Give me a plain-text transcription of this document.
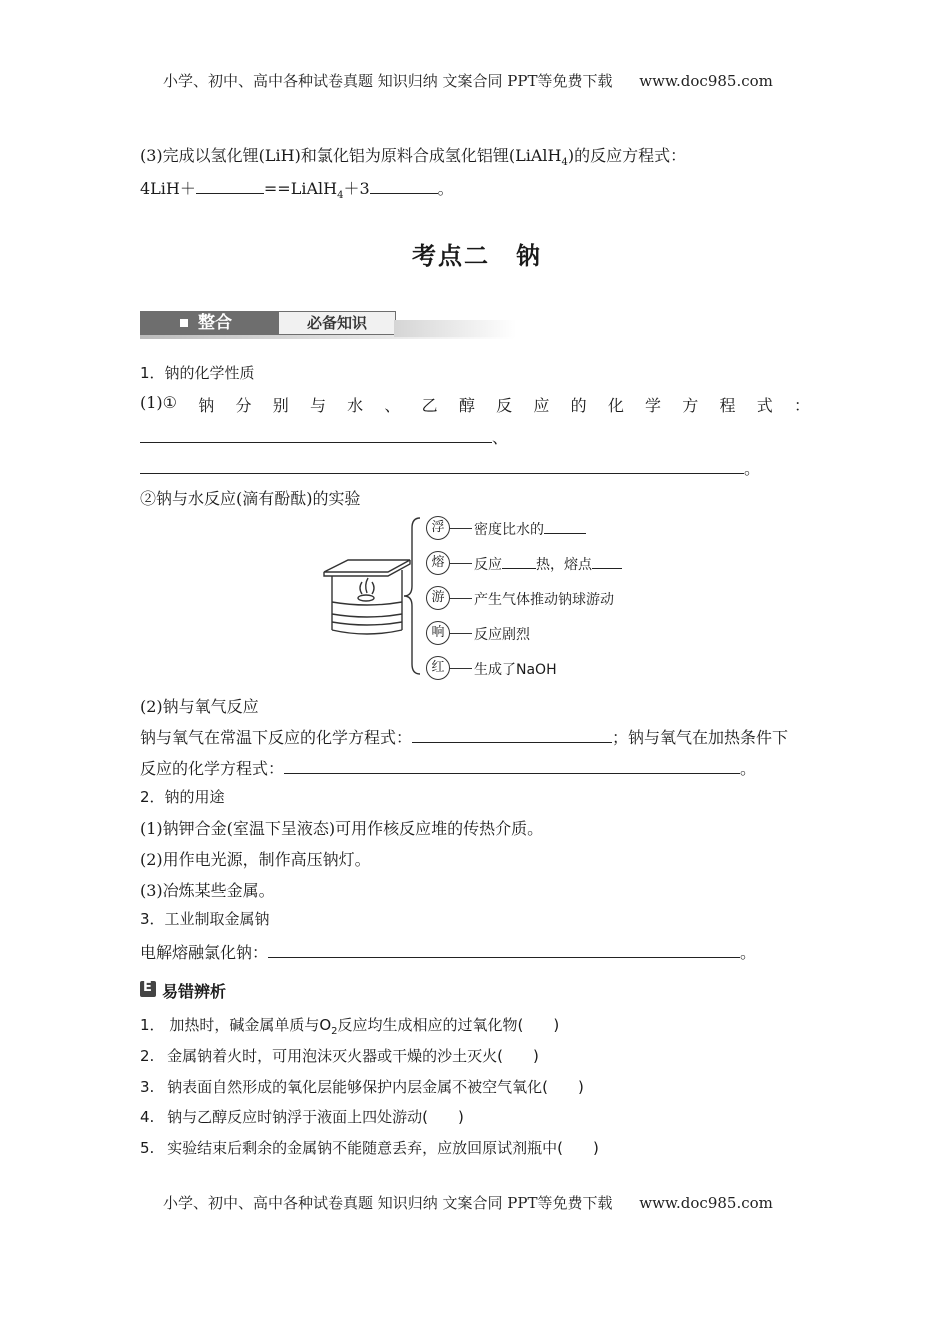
小学、初中、高中各种试卷真题 知识归纳 文案合同 PPT等免费下载 www.doc985.com
(3)完成以氢化锂(LiH)和氯化铝为原料合成氢化铝锂(LiAlH$_4$)的反应方程式：
4LiH＋	==LiAlH$_4$＋3	。
考点二　钠
整合	必备知识
1．钠的化学性质
(1)① 钠 分 别 与 水 、 乙 醇 反 应 的 化 学 方 程 式 ：
、
。
②钠与水反应(滴有酚酞)的实验
浮	密度比水的
熔	反应 热，熔点
游	产生气体推动钠球游动
响	反应剧烈
红	生成了NaOH
(2)钠与氧气反应
钠与氧气在常温下反应的化学方程式：	；钠与氧气在加热条件下
反应的化学方程式：	。
2．钠的用途
(1)钠钾合金(室温下呈液态)可用作核反应堆的传热介质。
(2)用作电光源，制作高压钠灯。
(3)冶炼某些金属。
3．工业制取金属钠
电解熔融氯化钠：	。
E 易错辨析
1． 加热时，碱金属单质与$O_2$反应均生成相应的过氧化物( )
2. 金属钠着火时，可用泡沫灭火器或干燥的沙土灭火( )
3. 钠表面自然形成的氧化层能够保护内层金属不被空气氧化( )
4. 钠与乙醇反应时钠浮于液面上四处游动( )
5. 实验结束后剩余的金属钠不能随意丢弃，应放回原试剂瓶中( )
小学、初中、高中各种试卷真题 知识归纳 文案合同 PPT等免费下载 www.doc985.com
